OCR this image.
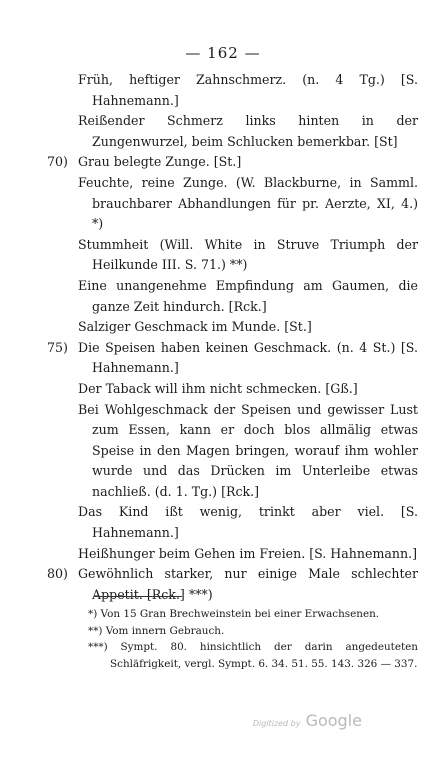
— 162 —
Früh, heftiger Zahnschmerz. (n. 4 Tg.) [S. Hahnemann.]
Reißender Schmerz links hinten in der Zungenwurzel, beim Schlucken bemerkbar. [St]
70) Grau belegte Zunge. [St.]
Feuchte, reine Zunge. (W. Blackburne, in Samml. brauchbarer Abhandlungen für pr. Aerzte, XI, 4.) *)
Stummheit (Will. White in Struve Triumph der Heilkunde III. S. 71.) **)
Eine unangenehme Empfindung am Gaumen, die ganze Zeit hindurch. [Rck.]
Salziger Geschmack im Munde. [St.]
75) Die Speisen haben keinen Geschmack. (n. 4 St.) [S. Hahnemann.]
Der Taback will ihm nicht schmecken. [Gß.]
Bei Wohlgeschmack der Speisen und gewisser Lust zum Essen, kann er doch blos allmälig etwas Speise in den Magen bringen, worauf ihm wohler wurde und das Drücken im Unterleibe etwas nachließ. (d. 1. Tg.) [Rck.]
Das Kind ißt wenig, trinkt aber viel. [S. Hahnemann.]
Heißhunger beim Gehen im Freien. [S. Hahnemann.]
80) Gewöhnlich starker, nur einige Male schlechter Appetit. [Rck.] ***)
*) Von 15 Gran Brechweinstein bei einer Erwachsenen.
**) Vom innern Gebrauch.
***) Sympt. 80. hinsichtlich der darin angedeuteten Schläfrigkeit, vergl. Sympt. 6. 34. 51. 55. 143. 326 — 337.
Digitized by Google
